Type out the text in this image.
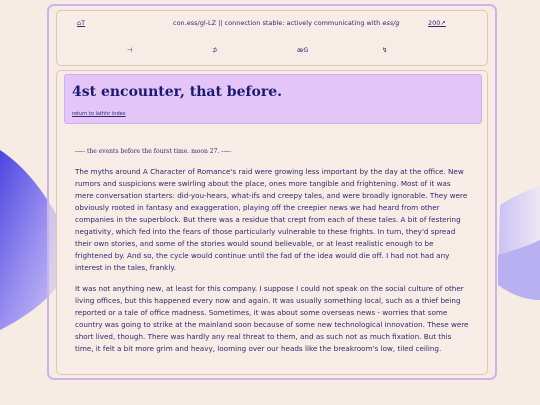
⌂T	con.ess/gl-LZ || connection stable: actively communicating with ess/g	200↗
⊣	⊅	æG	↯
4st encounter, that before.
return to lathhr index
-—- the events before the fourst time. moon 27. -—-

The myths around A Character of Romance's raid were growing less important by the day at the office. New rumors and suspicions were swirling about the place, ones more tangible and frightening. Most of it was mere conversation starters: did-you-hears, what-ifs and creepy tales, and were broadly ignorable. They were obviously rooted in fantasy and exaggeration, playing off the creepier news we had heard from other companies in the superblock. But there was a residue that crept from each of these tales. A bit of festering negativity, which fed into the fears of those particularly vulnerable to these frights. In turn, they'd spread their own stories, and some of the stories would sound believable, or at least realistic enough to be frightened by. And so, the cycle would continue until the fad of the idea would die off. I had not had any interest in the tales, frankly.

It was not anything new, at least for this company. I suppose I could not speak on the social culture of other living offices, but this happened every now and again. It was usually something local, such as a thief being reported or a tale of office madness. Sometimes, it was about some overseas news - worries that some country was going to strike at the mainland soon because of some new technological innovation. These were short lived, though. There was hardly any real threat to them, and as such not as much fixation. But this time, it felt a bit more grim and heavy, looming over our heads like the breakroom's low, tiled ceiling.
